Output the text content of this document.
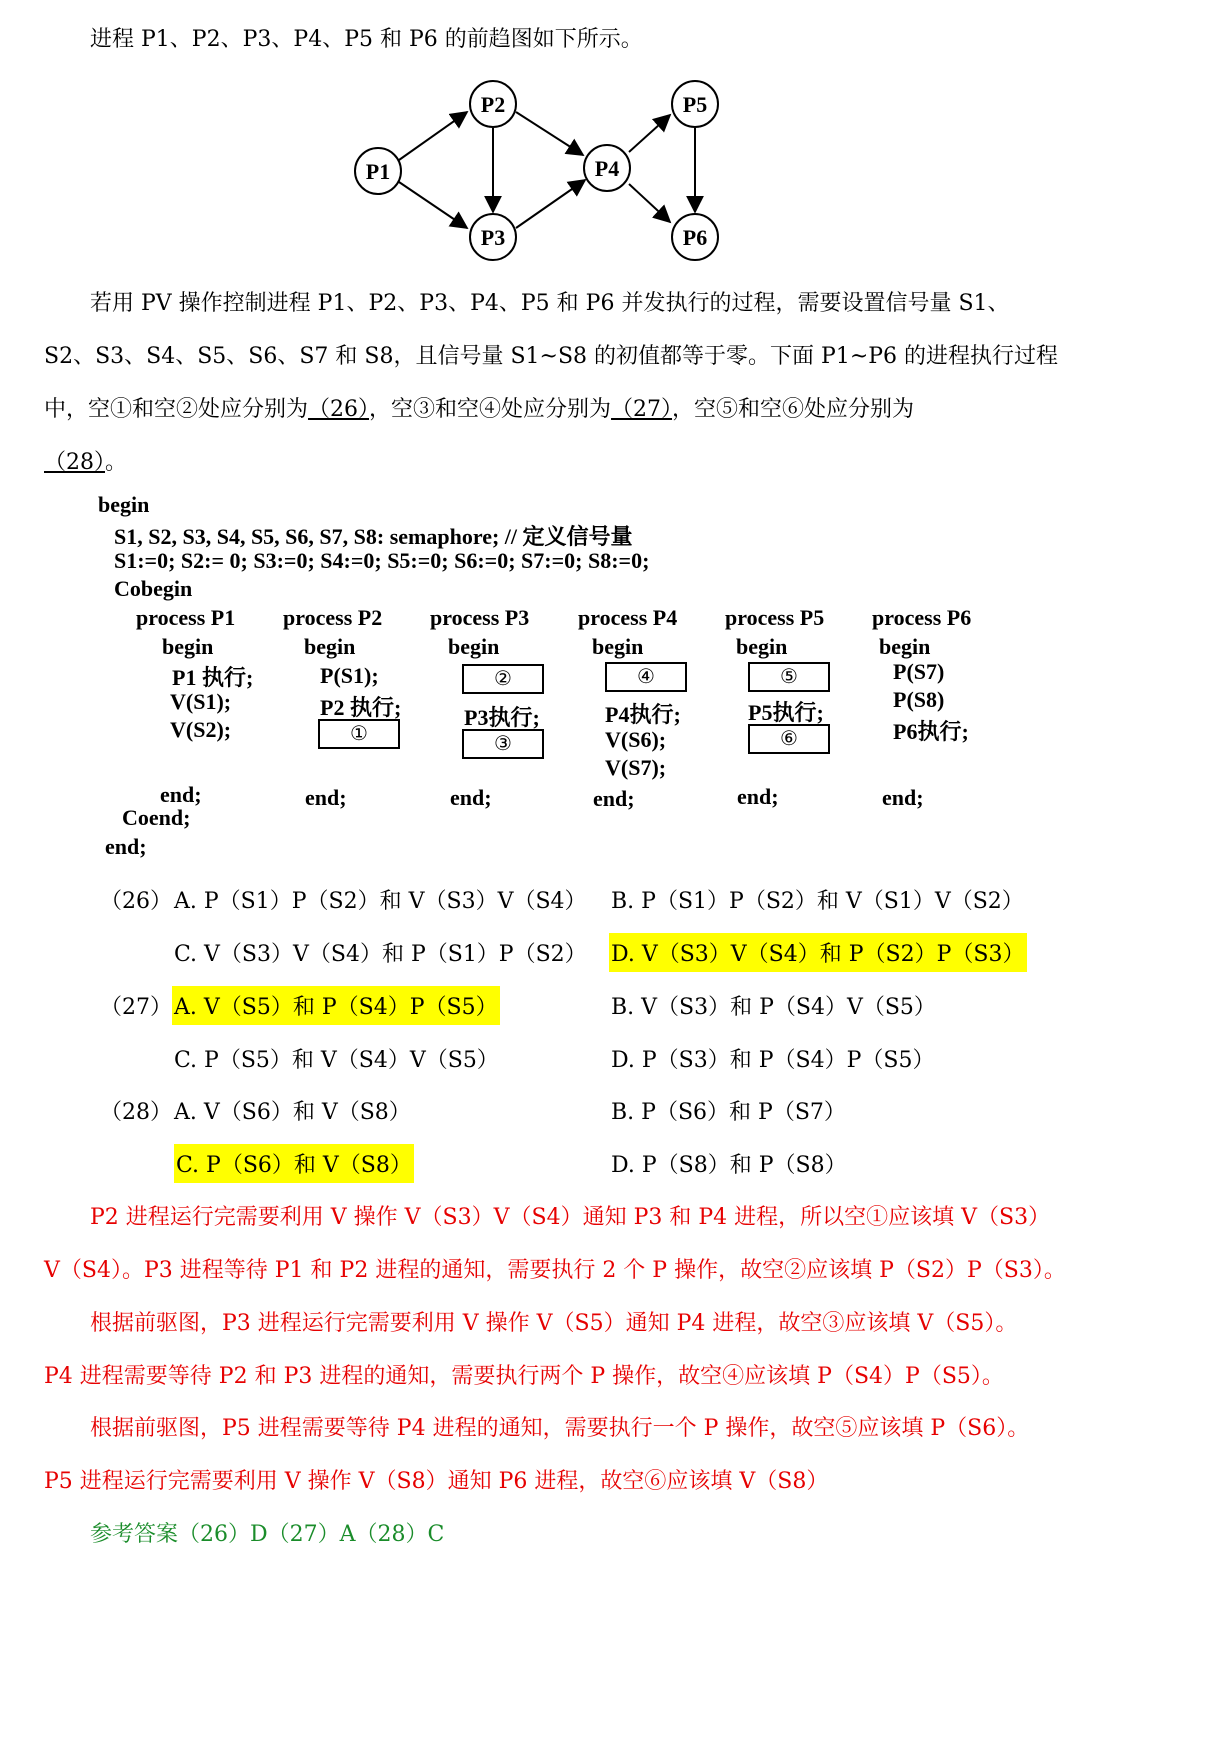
进程 P1、P2、P3、P4、P5 和 P6 的前趋图如下所示。
P1
P2
P3
P4
P5
P6
若用 PV 操作控制进程 P1、P2、P3、P4、P5 和 P6 并发执行的过程，需要设置信号量 S1、
S2、S3、S4、S5、S6、S7 和 S8，且信号量 S1~S8 的初值都等于零。下面 P1~P6 的进程执行过程
中，空①和空②处应分别为（26），空③和空④处应分别为（27），空⑤和空⑥处应分别为
（28）。
begin
S1, S2, S3, S4, S5, S6, S7, S8: semaphore; // 定义信号量
S1:=0; S2:= 0; S3:=0; S4:=0; S5:=0; S6:=0; S7:=0; S8:=0;
Cobegin
process P1
begin
P1 执行;
V(S1);
V(S2);
end;
process P2
begin
P(S1);
P2 执行;
①
end;
process P3
begin
②
P3执行;
③
end;
process P4
begin
④
P4执行;
V(S6);
V(S7);
end;
process P5
begin
⑤
P5执行;
⑥
end;
process P6
begin
P(S7)
P(S8)
P6执行;
end;
Coend;
end;
（26） A. P（S1）P（S2）和 V（S3）V（S4） B. P（S1）P（S2）和 V（S1）V（S2）
C. V（S3）V（S4）和 P（S1）P（S2） D. V（S3）V（S4）和 P（S2）P（S3）
（27） A. V（S5）和 P（S4）P（S5）	B. V（S3）和 P（S4）V（S5）
C. P（S5）和 V（S4）V（S5）	D. P（S3）和 P（S4）P（S5）
（28） A. V（S6）和 V（S8）	B. P（S6）和 P（S7）
C. P（S6）和 V（S8）	D. P（S8）和 P（S8）
P2 进程运行完需要利用 V 操作 V（S3）V（S4）通知 P3 和 P4 进程，所以空①应该填 V（S3）
V（S4）。P3 进程等待 P1 和 P2 进程的通知，需要执行 2 个 P 操作，故空②应该填 P（S2）P（S3）。
根据前驱图，P3 进程运行完需要利用 V 操作 V（S5）通知 P4 进程，故空③应该填 V（S5）。
P4 进程需要等待 P2 和 P3 进程的通知，需要执行两个 P 操作，故空④应该填 P（S4）P（S5）。
根据前驱图，P5 进程需要等待 P4 进程的通知，需要执行一个 P 操作，故空⑤应该填 P（S6）。
P5 进程运行完需要利用 V 操作 V（S8）通知 P6 进程，故空⑥应该填 V（S8）
参考答案（26）D（27）A（28）C
